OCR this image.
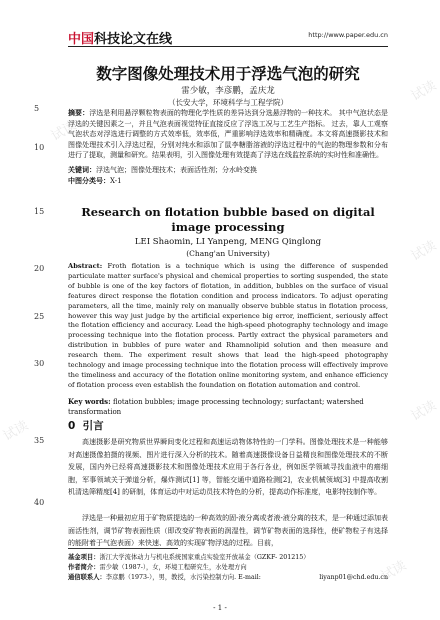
试读
试读
试读
试读
试读
试读
中国科技论文在线	http://www.paper.edu.cn
5
10
15
20
25
30
35
40
数字图像处理技术用于浮选气泡的研究
雷少敏，李彦鹏，孟庆龙
（长安大学，环境科学与工程学院）
摘要：浮选是利用悬浮颗粒物表面的物理化学性质的差异达到分选悬浮物的一种技术。 其中气泡状态是浮选的关键因素之一，并且气泡表面视觉特征直接反应了浮选工况与工艺生产指标。 过去，靠人工观察气泡状态对浮选进行调整的方式效率低，效率低，严重影响浮选效率和精确度。本文将高速摄影技术和图像处理技术引入浮选过程，分别对纯水和添加了鼠李糖脂溶液的浮选过程中的气泡的物理参数和分布进行了提取，测量和研究。结果表明，引入图像处理有效提高了浮选在线监控系统的实时性和准确性。
关键词：浮选气泡；图像处理技术；表面活性剂；分水岭变换
中图分类号：X-1
Research on flotation bubble based on digital image processing
LEI Shaomin, LI Yanpeng, MENG Qinglong
(Chang'an University)
Abstract: Froth flotation is a technique which is using the difference of suspended particulate matter surface's physical and chemical properties to sorting suspended, the state of bubble is one of the key factors of flotation, in addition, bubbles on the surface of visual features direct response the flotation condition and process indicators. To adjust operating parameters, all the time, mainly rely on manually observe bubble status in flotation process, however this way just judge by the artificial experience big error, inefficient, seriously affect the flotation efficiency and accuracy. Lead the high-speed photography technology and image processing technique into the flotation process. Partly extract the physical parameters and distribution in bubbles of pure water and Rhamnolipid solution and then measure and research them. The experiment result shows that lead the high-speed photography technology and image processing technique into the flotation process will effectively improve the timeliness and accuracy of the flotation online monitoring system, and enhance efficiency of flotation process even establish the foundation on flotation automation and control.
Key words: flotation bubbles; image processing technology; surfactant; watershed transformation
0 引言
高速摄影是研究物质世界瞬间变化过程和高速运动物体特性的一门学科。图像处理技术是一种能够对高速摄像拍摄的视频、图片进行深入分析的技术。随着高速摄像设备日益精良和图像处理技术的不断发展，国内外已经将高速摄影技术和图像处理技术应用于各行各业，例如医学领域寻找血液中的癌细胞，军事领域关于弹道分析，爆炸测试[1] 等，智能交通中道路检测[2]，农业机械领域[3] 中提高收割机清选筛精度[4] 的研制，体育运动中对运动员技术特色的分析，提高动作标准度，电影特技制作等。
浮选是一种最初应用于矿物质提选的一种高效的固-液分离或者液-液分离的技术，是一种通过添加表面活性剂，调节矿物表面性质（即改变矿物表面的润湿性，调节矿物表面的选择性，使矿物粒子有选择的能附着于气泡表面）来快速、高效的实现矿物浮选的过程。目前，
基金项目：浙江大学流体动力与机电系统国家重点实验室开放基金（GZKF- 201215）
作者简介：雷少敏（1987-），女，环境工程研究生，水处理方向
通信联系人：李彦鹏（1973-），男，教授，水污染控制方向. E-mail:	liyanp01@chd.edu.cn
- 1 -
